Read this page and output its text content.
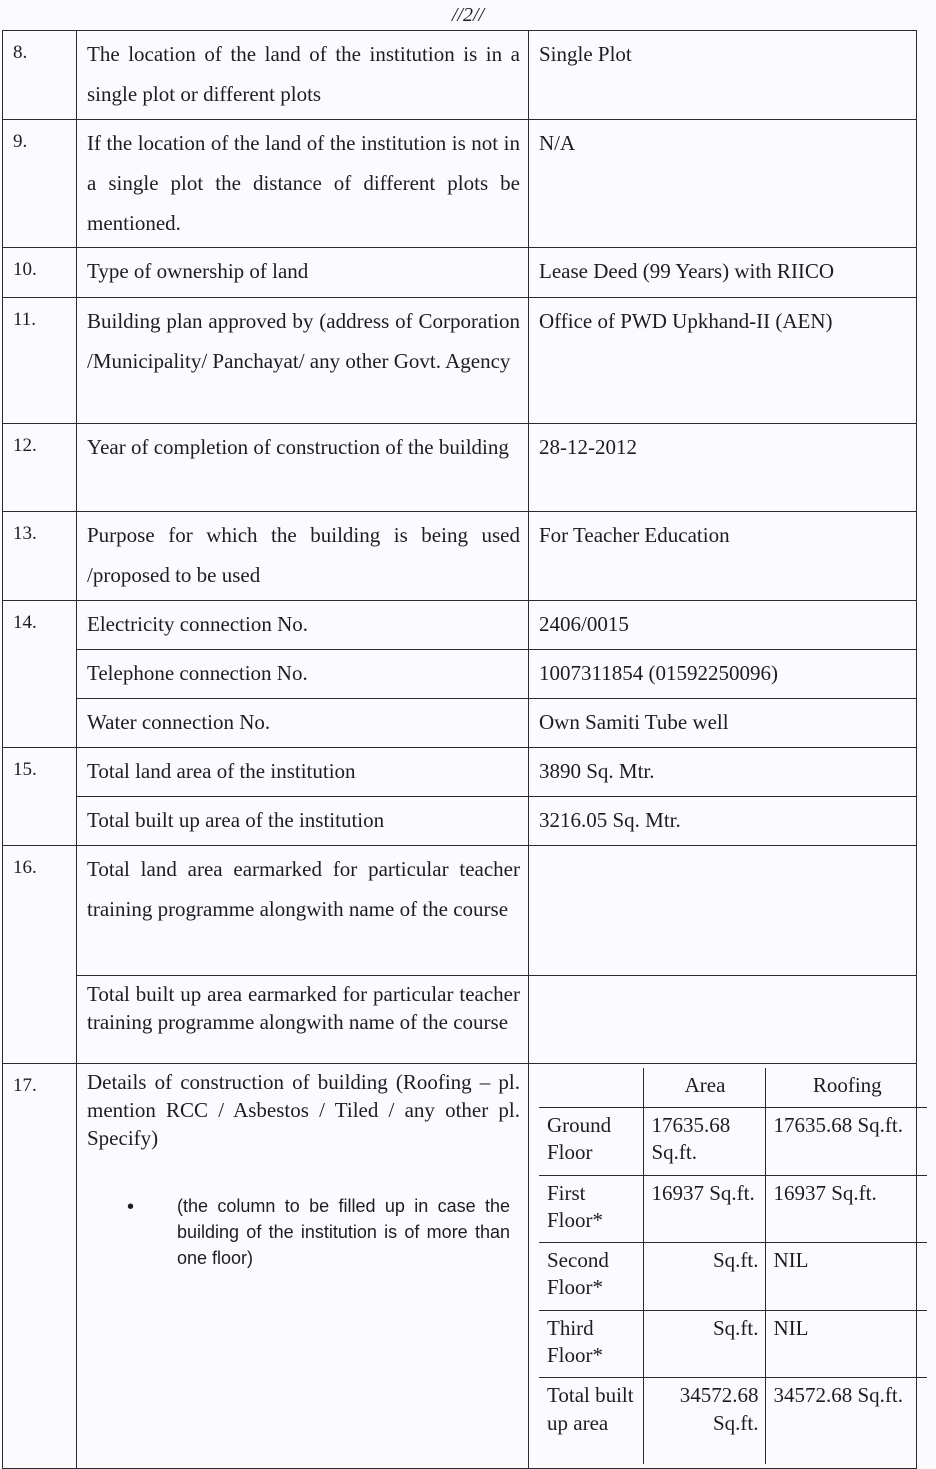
//2//
8.	The location of the land of the institution is in a single plot or different plots	Single Plot
9.	If the location of the land of the institution is not in a single plot the distance of different plots be mentioned.	N/A
10.	Type of ownership of land	Lease Deed (99 Years) with RIICO
11.	Building plan approved by (address of Corporation /Municipality/ Panchayat/ any other Govt. Agency	Office of PWD Upkhand-II (AEN)
12.	Year of completion of construction of the building	28-12-2012
13.	Purpose for which the building is being used /proposed to be used	For Teacher Education
14.	Electricity connection No.	2406/0015
Telephone connection No.	1007311854 (01592250096)
Water connection No.	Own Samiti Tube well
15.	Total land area of the institution	3890 Sq. Mtr.
Total built up area of the institution	3216.05 Sq. Mtr.
16.	Total land area earmarked for particular teacher training programme alongwith name of the course	
Total built up area earmarked for particular teacher training programme alongwith name of the course	
17.	Details of construction of building (Roofing – pl. mention RCC / Asbestos / Tiled / any other pl. Specify)
•	(the column to be filled up in case the building of the institution is of more than one floor)

	Area	Roofing
Ground Floor	17635.68 Sq.ft.	17635.68 Sq.ft.
First Floor*	16937 Sq.ft.	16937 Sq.ft.
Second Floor*	Sq.ft.	NIL
Third Floor*	Sq.ft.	NIL
Total built up area	34572.68 Sq.ft.	34572.68 Sq.ft.
